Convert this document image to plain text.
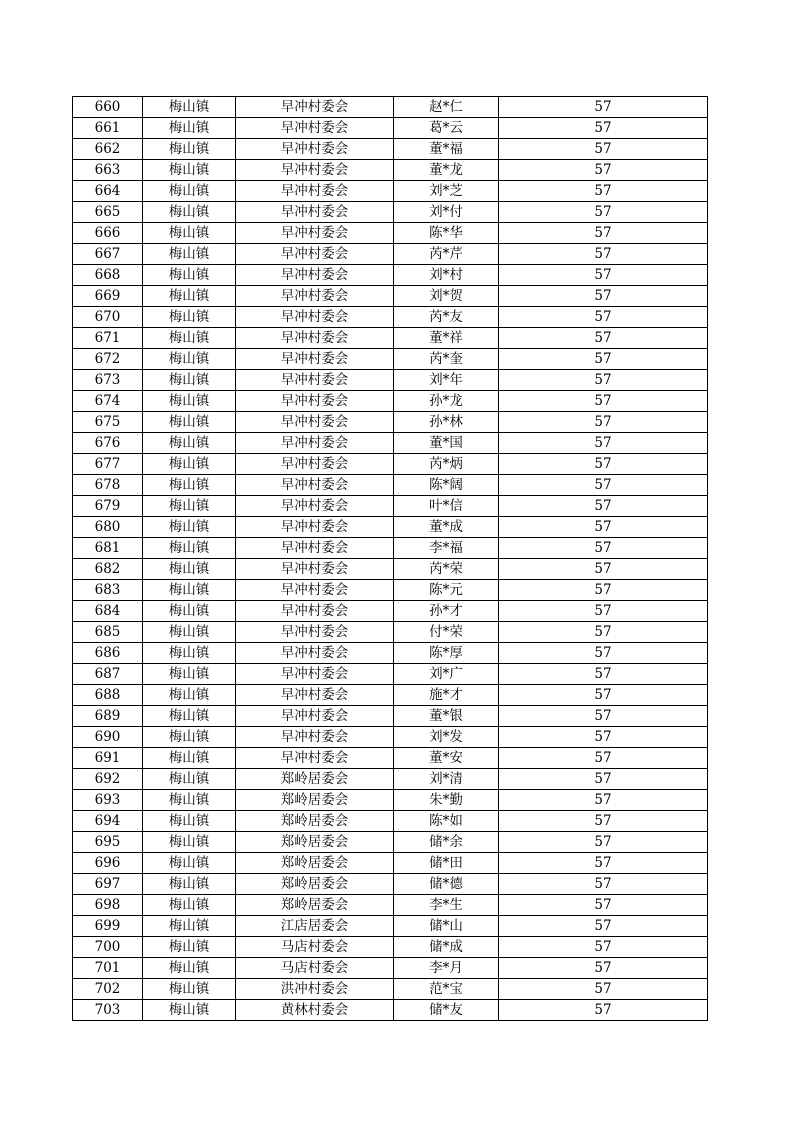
660	梅山镇	早冲村委会	赵*仁	57
661	梅山镇	早冲村委会	葛*云	57
662	梅山镇	早冲村委会	董*福	57
663	梅山镇	早冲村委会	董*龙	57
664	梅山镇	早冲村委会	刘*芝	57
665	梅山镇	早冲村委会	刘*付	57
666	梅山镇	早冲村委会	陈*华	57
667	梅山镇	早冲村委会	芮*芹	57
668	梅山镇	早冲村委会	刘*村	57
669	梅山镇	早冲村委会	刘*贺	57
670	梅山镇	早冲村委会	芮*友	57
671	梅山镇	早冲村委会	董*祥	57
672	梅山镇	早冲村委会	芮*奎	57
673	梅山镇	早冲村委会	刘*年	57
674	梅山镇	早冲村委会	孙*龙	57
675	梅山镇	早冲村委会	孙*林	57
676	梅山镇	早冲村委会	董*国	57
677	梅山镇	早冲村委会	芮*炳	57
678	梅山镇	早冲村委会	陈*阔	57
679	梅山镇	早冲村委会	叶*信	57
680	梅山镇	早冲村委会	董*成	57
681	梅山镇	早冲村委会	李*福	57
682	梅山镇	早冲村委会	芮*荣	57
683	梅山镇	早冲村委会	陈*元	57
684	梅山镇	早冲村委会	孙*才	57
685	梅山镇	早冲村委会	付*荣	57
686	梅山镇	早冲村委会	陈*厚	57
687	梅山镇	早冲村委会	刘*广	57
688	梅山镇	早冲村委会	施*才	57
689	梅山镇	早冲村委会	董*银	57
690	梅山镇	早冲村委会	刘*发	57
691	梅山镇	早冲村委会	董*安	57
692	梅山镇	郑岭居委会	刘*清	57
693	梅山镇	郑岭居委会	朱*勤	57
694	梅山镇	郑岭居委会	陈*如	57
695	梅山镇	郑岭居委会	储*余	57
696	梅山镇	郑岭居委会	储*田	57
697	梅山镇	郑岭居委会	储*德	57
698	梅山镇	郑岭居委会	李*生	57
699	梅山镇	江店居委会	储*山	57
700	梅山镇	马店村委会	储*成	57
701	梅山镇	马店村委会	李*月	57
702	梅山镇	洪冲村委会	范*宝	57
703	梅山镇	黄林村委会	储*友	57
